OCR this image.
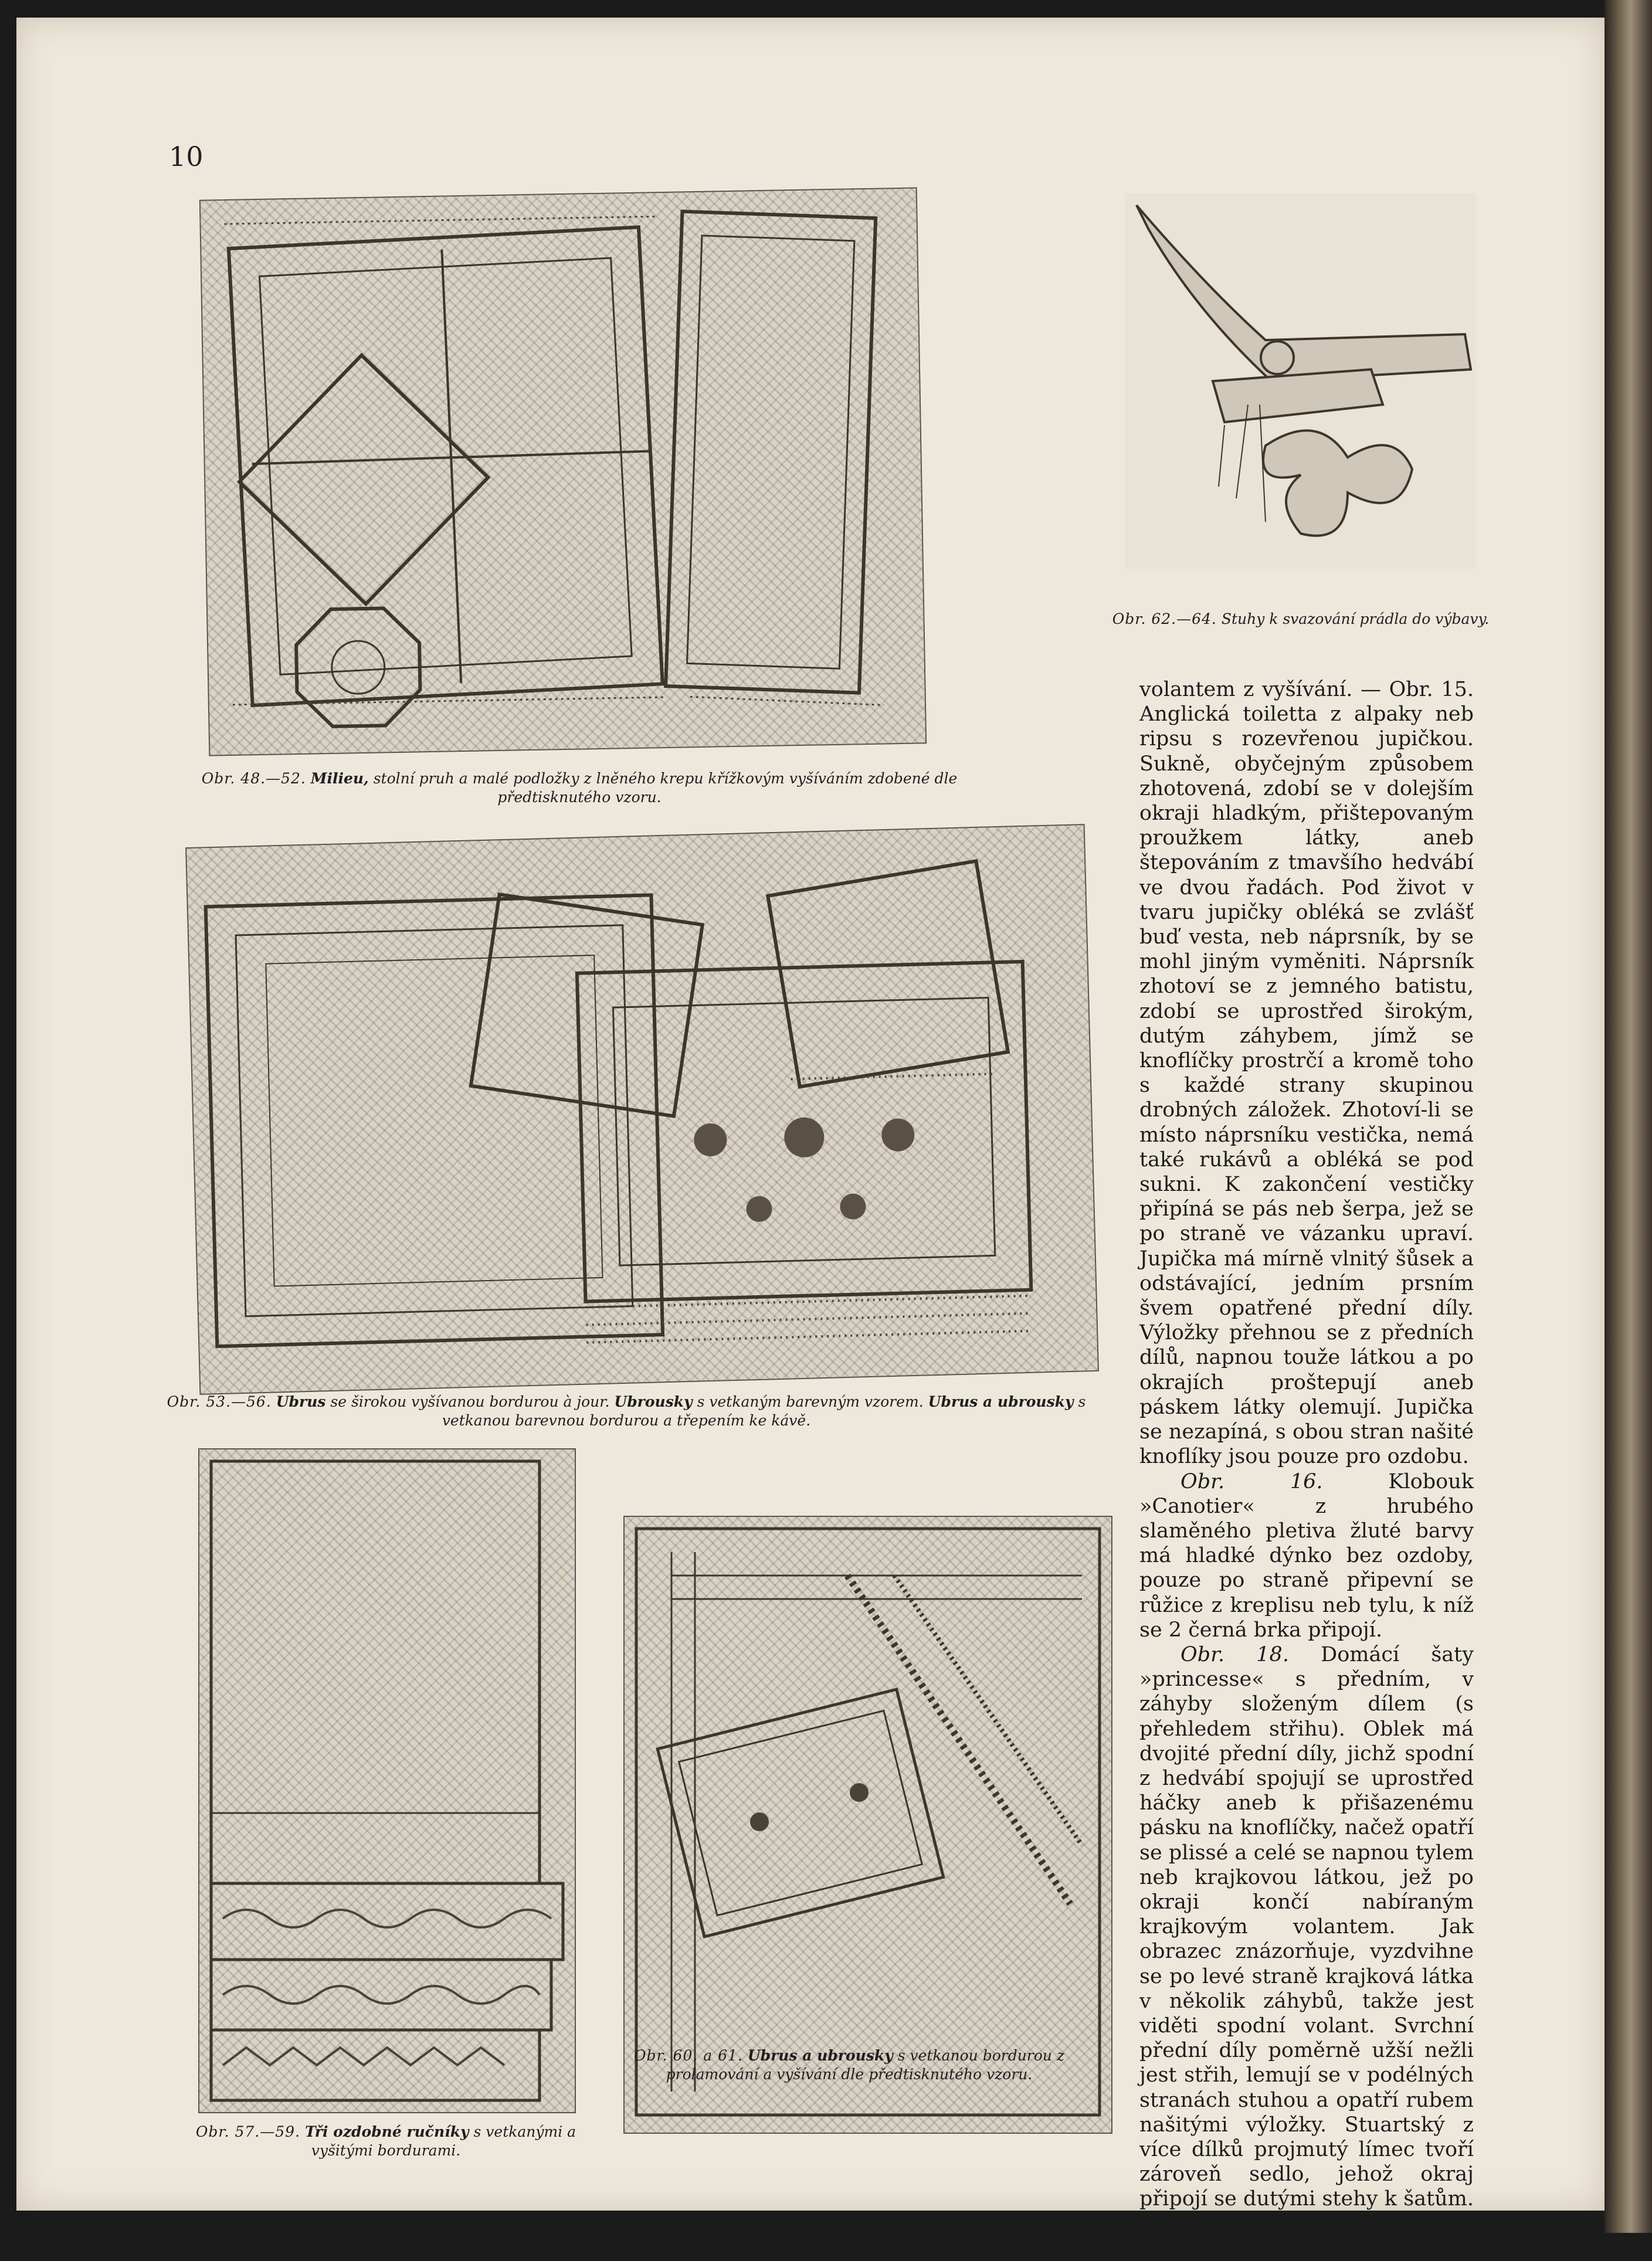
10
Obr. 48.—52. Milieu, stolní pruh a malé podložky z lněného krepu křížkovým vyšíváním zdobené dle předtisknutého vzoru.
Obr. 62.—64. Stuhy k svazování prádla do výbavy.
Obr. 53.—56. Ubrus se širokou vyšívanou bordurou à jour. Ubrousky s vetkaným barevným vzorem. Ubrus a ubrousky s vetkanou barevnou bordurou a třepením ke kávě.
Obr. 57.—59. Tři ozdobné ručníky s vetkanými a vyšitými bordurami.
Obr. 60. a 61. Ubrus a ubrousky s vetkanou bordurou z prolamování a vyšívání dle předtisknutého vzoru.

volantem z vyšívání. — Obr. 15. Anglická toiletta z alpaky neb ripsu s rozevřenou jupičkou. Sukně, obyčejným způsobem zhotovená, zdobí se v dolejším okraji hladkým, přištepovaným proužkem látky, aneb štepováním z tmavšího hedvábí ve dvou řadách. Pod život v tvaru jupičky obléká se zvlášť buď vesta, neb náprsník, by se mohl jiným vyměniti. Náprsník zhotoví se z jemného batistu, zdobí se uprostřed širokým, dutým záhybem, jímž se knoflíčky prostrčí a kromě toho s každé strany skupinou drobných záložek. Zhotoví-li se místo náprsníku vestička, nemá také rukávů a obléká se pod sukni. K zakončení vestičky připíná se pás neb šerpa, jež se po straně ve vázanku upraví. Jupička má mírně vlnitý šůsek a odstávající, jedním prsním švem opatřené přední díly. Výložky přehnou se z předních dílů, napnou touže látkou a po okrajích proštepují aneb páskem látky olemují. Jupička se nezapíná, s obou stran našité knoflíky jsou pouze pro ozdobu.

Obr. 16.	Klobouk »Canotier« z hrubého slaměného pletiva žluté barvy má hladké dýnko bez ozdoby, pouze po straně připevní se růžice z kreplisu neb tylu, k níž se 2 černá brka připojí.

Obr. 18. Domácí šaty »princesse« s předním, v záhyby složeným dílem (s přehledem střihu). Oblek má dvojité přední díly, jichž spodní z hedvábí spojují se uprostřed háčky aneb k přišazenému pásku na knoflíčky, načež opatří se plissé a celé se napnou tylem neb krajkovou látkou, jež po okraji končí nabíraným krajkovým volantem. Jak obrazec znázorňuje, vyzdvihne se po levé straně krajková látka v několik záhybů, takže jest viděti spodní volant. Svrchní přední díly poměrně užší nežli jest střih, lemují se v podélných stranách stuhou a opatří rubem našitými výložky. Stuartský z více dílků projmutý límec tvoří zároveň sedlo, jehož okraj připojí se dutými stehy k šatům. Hořejší část svrchních předních dílů spojují poutka ze stuhy, jež
